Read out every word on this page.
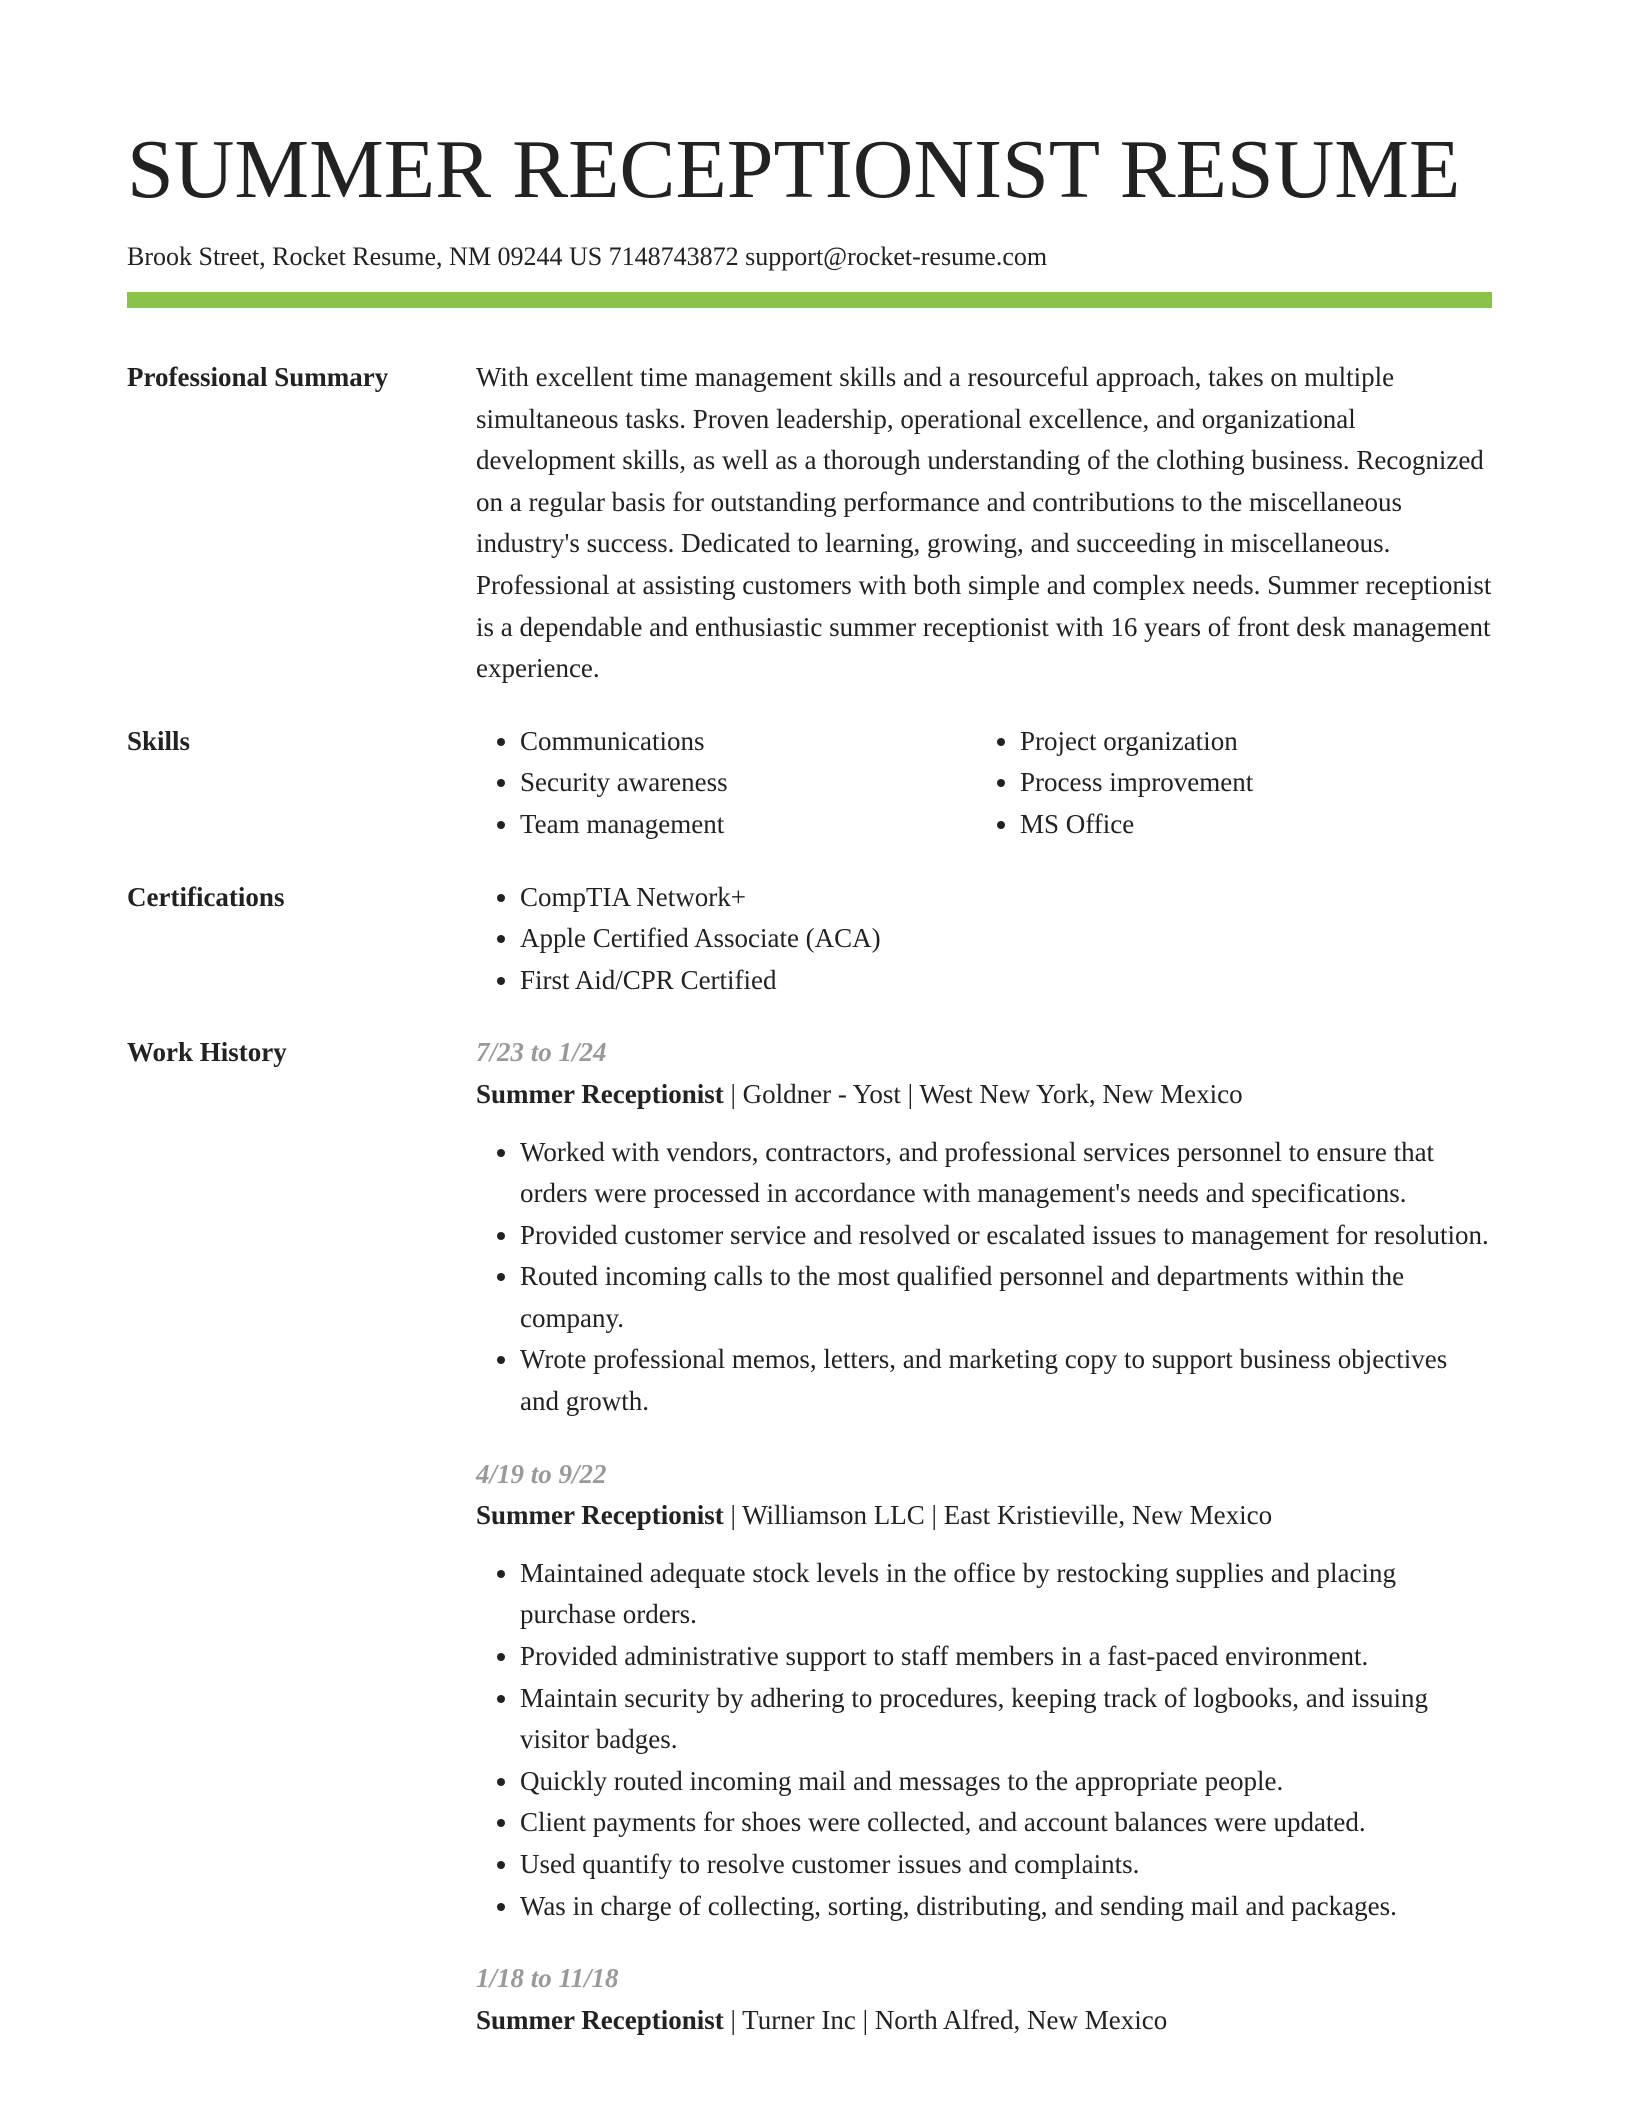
SUMMER RECEPTIONIST RESUME
Brook Street, Rocket Resume, NM 09244 US 7148743872 support@rocket-resume.com
Professional Summary	With excellent time management skills and a resourceful approach, takes on multiple simultaneous tasks. Proven leadership, operational excellence, and organizational development skills, as well as a thorough understanding of the clothing business. Recognized on a regular basis for outstanding performance and contributions to the miscellaneous industry's success. Dedicated to learning, growing, and succeeding in miscellaneous. Professional at assisting customers with both simple and complex needs. Summer receptionist is a dependable and enthusiastic summer receptionist with 16 years of front desk management experience.
Skills	• Communications
• Security awareness
• Team management
• Project organization
• Process improvement
• MS Office
Certifications	• CompTIA Network+
• Apple Certified Associate (ACA)
• First Aid/CPR Certified
Work History	7/23 to 1/24
Summer Receptionist | Goldner - Yost | West New York, New Mexico
• Worked with vendors, contractors, and professional services personnel to ensure that orders were processed in accordance with management's needs and specifications.
• Provided customer service and resolved or escalated issues to management for resolution.
• Routed incoming calls to the most qualified personnel and departments within the company.
• Wrote professional memos, letters, and marketing copy to support business objectives and growth.
4/19 to 9/22
Summer Receptionist | Williamson LLC | East Kristieville, New Mexico
• Maintained adequate stock levels in the office by restocking supplies and placing purchase orders.
• Provided administrative support to staff members in a fast-paced environment.
• Maintain security by adhering to procedures, keeping track of logbooks, and issuing visitor badges.
• Quickly routed incoming mail and messages to the appropriate people.
• Client payments for shoes were collected, and account balances were updated.
• Used quantify to resolve customer issues and complaints.
• Was in charge of collecting, sorting, distributing, and sending mail and packages.
1/18 to 11/18
Summer Receptionist | Turner Inc | North Alfred, New Mexico
